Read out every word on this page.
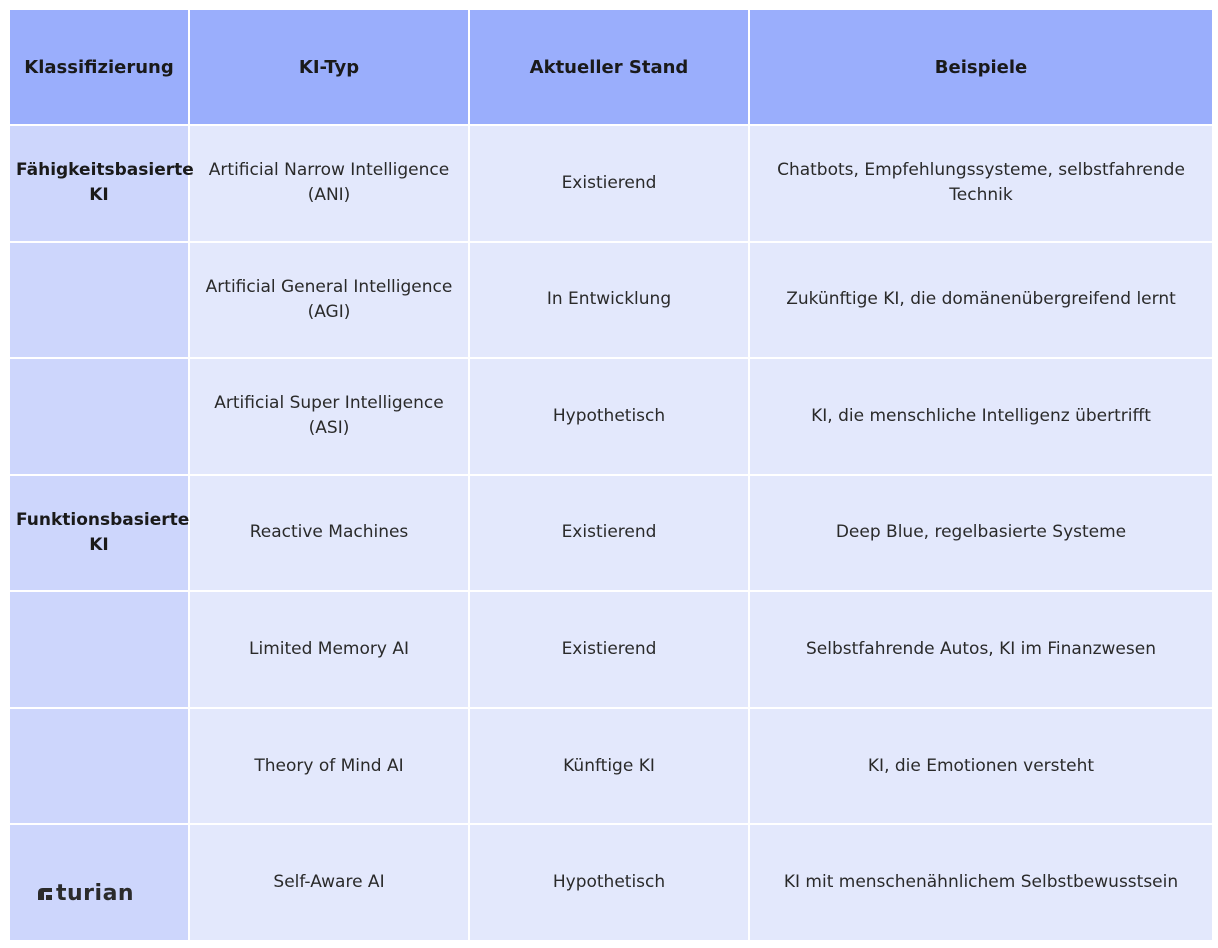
Klassifizierung	KI-Typ	Aktueller Stand	Beispiele
Fähigkeitsbasierte KI	Artificial Narrow Intelligence (ANI)	Existierend	Chatbots, Empfehlungssysteme, selbstfahrende Technik
	Artificial General Intelligence (AGI)	In Entwicklung	Zukünftige KI, die domänenübergreifend lernt
	Artificial Super Intelligence (ASI)	Hypothetisch	KI, die menschliche Intelligenz übertrifft
Funktionsbasierte KI	Reactive Machines	Existierend	Deep Blue, regelbasierte Systeme
	Limited Memory AI	Existierend	Selbstfahrende Autos, KI im Finanzwesen
	Theory of Mind AI	Künftige KI	KI, die Emotionen versteht

turian	Self-Aware AI	Hypothetisch	KI mit menschenähnlichem Selbstbewusstsein
